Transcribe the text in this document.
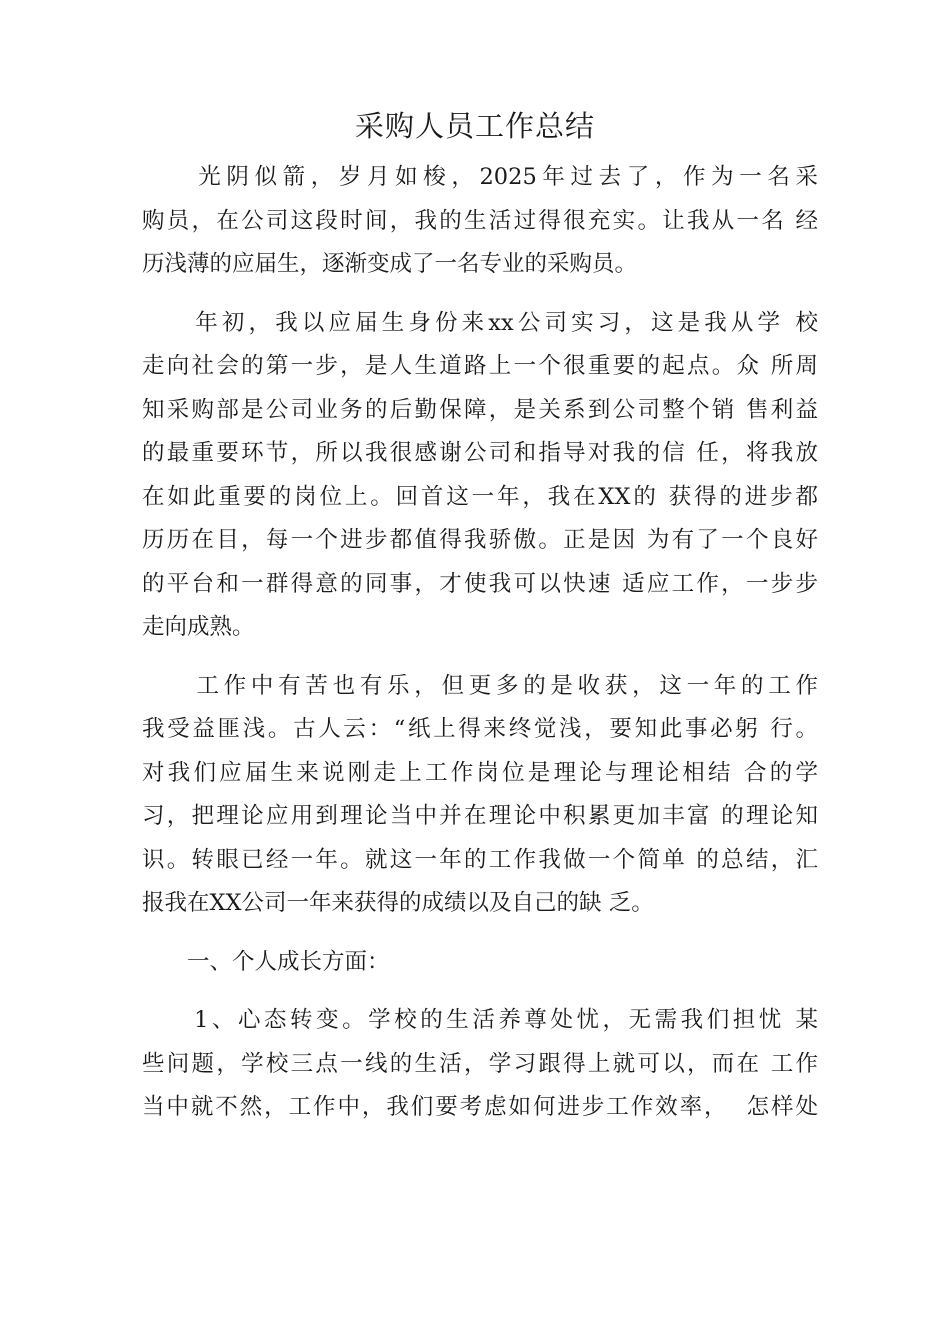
采购人员工作总结
　　光阴似箭，岁月如梭，2025年过去了，作为一名采
购员，在公司这段时间，我的生活过得很充实。让我从一名 经
历浅薄的应届生，逐渐变成了一名专业的采购员。
　　年初，我以应届生身份来xx公司实习，这是我从学 校
走向社会的第一步，是人生道路上一个很重要的起点。众 所周
知采购部是公司业务的后勤保障，是关系到公司整个销 售利益
的最重要环节，所以我很感谢公司和指导对我的信 任，将我放
在如此重要的岗位上。回首这一年，我在XX的 获得的进步都
历历在目，每一个进步都值得我骄傲。正是因 为有了一个良好
的平台和一群得意的同事，才使我可以快速 适应工作，一步步
走向成熟。
　　工作中有苦也有乐，但更多的是收获，这一年的工作
我受益匪浅。古人云：“纸上得来终觉浅，要知此事必躬 行。
对我们应届生来说刚走上工作岗位是理论与理论相结 合的学
习，把理论应用到理论当中并在理论中积累更加丰富 的理论知
识。转眼已经一年。就这一年的工作我做一个简单 的总结，汇
报我在XX公司一年来获得的成绩以及自己的缺 乏。
　　一、个人成长方面：
　　1、心态转变。学校的生活养尊处忧，无需我们担忧 某
些问题，学校三点一线的生活，学习跟得上就可以，而在 工作
当中就不然，工作中，我们要考虑如何进步工作效率，  怎样处
